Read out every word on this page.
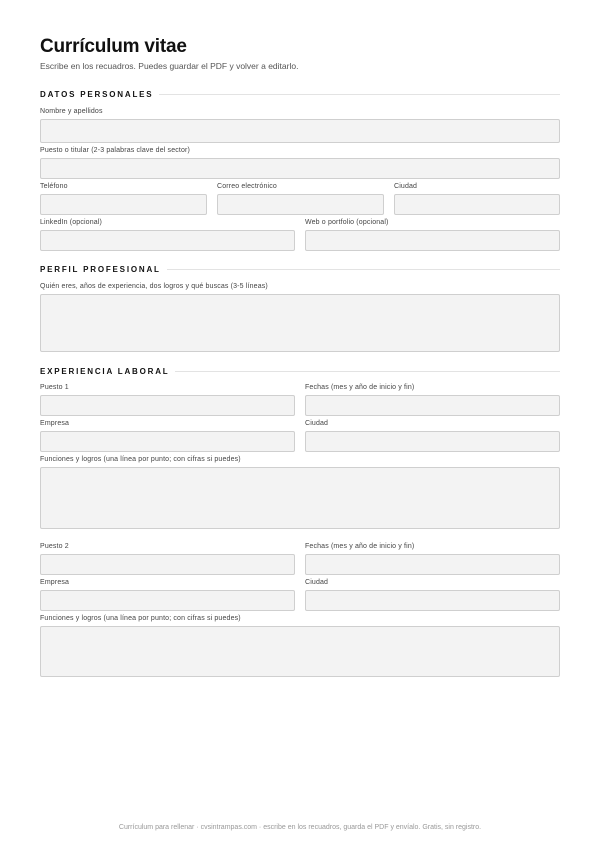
Currículum vitae
Escribe en los recuadros. Puedes guardar el PDF y volver a editarlo.
DATOS PERSONALES
Nombre y apellidos
Puesto o titular (2-3 palabras clave del sector)
Teléfono	Correo electrónico	Ciudad
LinkedIn (opcional)	Web o portfolio (opcional)
PERFIL PROFESIONAL
Quién eres, años de experiencia, dos logros y qué buscas (3-5 líneas)
EXPERIENCIA LABORAL
Puesto 1	Fechas (mes y año de inicio y fin)
Empresa	Ciudad
Funciones y logros (una línea por punto; con cifras si puedes)
Puesto 2	Fechas (mes y año de inicio y fin)
Empresa	Ciudad
Funciones y logros (una línea por punto; con cifras si puedes)
Currículum para rellenar · cvsintrampas.com · escribe en los recuadros, guarda el PDF y envíalo. Gratis, sin registro.
